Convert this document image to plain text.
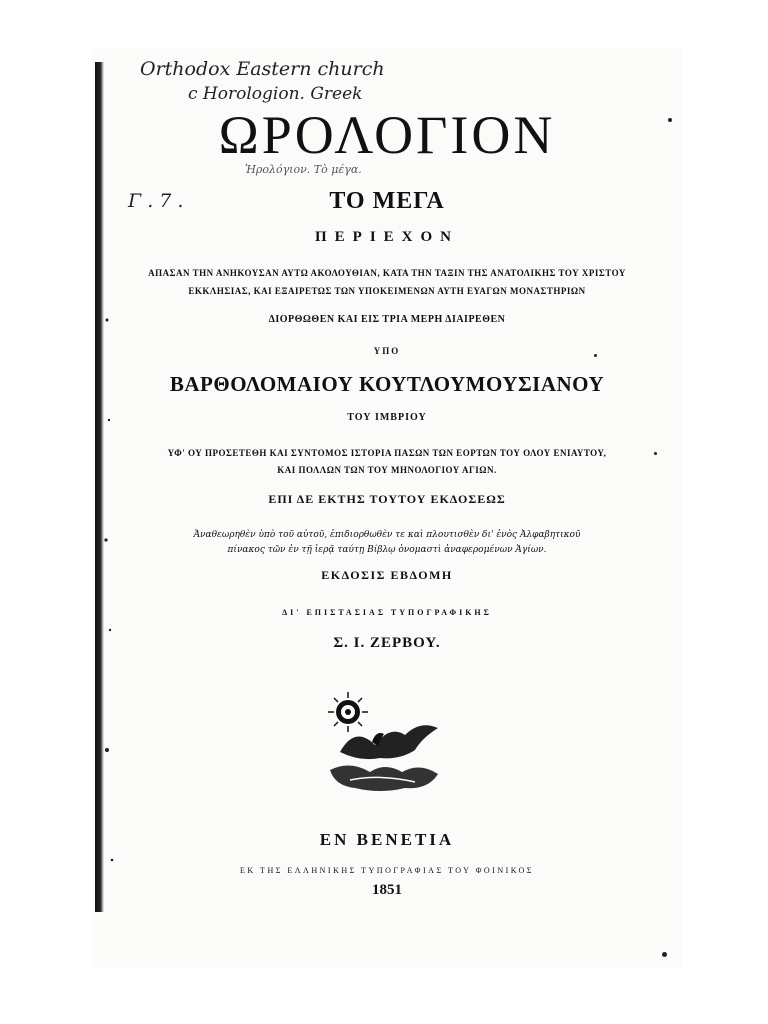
Orthodox Eastern church
c Horologion. Greek
Ἡρολόγιον. Τὸ μέγα.
Γ . 7 .
ΩΡΟΛΟΓΙΟΝ
ΤΟ ΜΕΓΑ
ΠΕΡΙΕΧΟΝ
ΑΠΑΣΑΝ ΤΗΝ ΑΝΗΚΟΥΣΑΝ ΑΥΤΩ ΑΚΟΛΟΥΘΙΑΝ, ΚΑΤΑ ΤΗΝ ΤΑΞΙΝ ΤΗΣ ΑΝΑΤΟΛΙΚΗΣ ΤΟΥ ΧΡΙΣΤΟΥ
ΕΚΚΛΗΣΙΑΣ, ΚΑΙ ΕΞΑΙΡΕΤΩΣ ΤΩΝ ΥΠΟΚΕΙΜΕΝΩΝ ΑΥΤΗ ΕΥΑΓΩΝ ΜΟΝΑΣΤΗΡΙΩΝ
ΔΙΟΡΘΩΘΕΝ ΚΑΙ ΕΙΣ ΤΡΙΑ ΜΕΡΗ ΔΙΑΙΡΕΘΕΝ
ΥΠΟ
ΒΑΡΘΟΛΟΜΑΙΟΥ ΚΟΥΤΛΟΥΜΟΥΣΙΑΝΟΥ
ΤΟΥ ΙΜΒΡΙΟΥ
ΥΦ' ΟΥ ΠΡΟΣΕΤΕΘΗ ΚΑΙ ΣΥΝΤΟΜΟΣ ΙΣΤΟΡΙΑ ΠΑΣΩΝ ΤΩΝ ΕΟΡΤΩΝ ΤΟΥ ΟΛΟΥ ΕΝΙΑΥΤΟΥ,
ΚΑΙ ΠΟΛΛΩΝ ΤΩΝ ΤΟΥ ΜΗΝΟΛΟΓΙΟΥ ΑΓΙΩΝ.
ΕΠΙ ΔΕ ΕΚΤΗΣ ΤΟΥΤΟΥ ΕΚΔΟΣΕΩΣ
Ἀναθεωρηθὲν ὑπὸ τοῦ αὐτοῦ, ἐπιδιορθωθὲν τε καὶ πλουτισθὲν δι' ἑνὸς Ἀλφαβητικοῦ
πίνακος τῶν ἐν τῇ ἱερᾷ ταύτῃ Βίβλῳ ὀνομαστὶ ἀναφερομένων Ἁγίων.
ΕΚΔΟΣΙΣ ΕΒΔΟΜΗ
ΔΙ' ΕΠΙΣΤΑΣΙΑΣ ΤΥΠΟΓΡΑΦΙΚΗΣ
Σ. Ι. ΖΕΡΒΟΥ.
ΕΝ ΒΕΝΕΤΙΑ
ΕΚ ΤΗΣ ΕΛΛΗΝΙΚΗΣ ΤΥΠΟΓΡΑΦΙΑΣ ΤΟΥ ΦΟΙΝΙΚΟΣ
1851
